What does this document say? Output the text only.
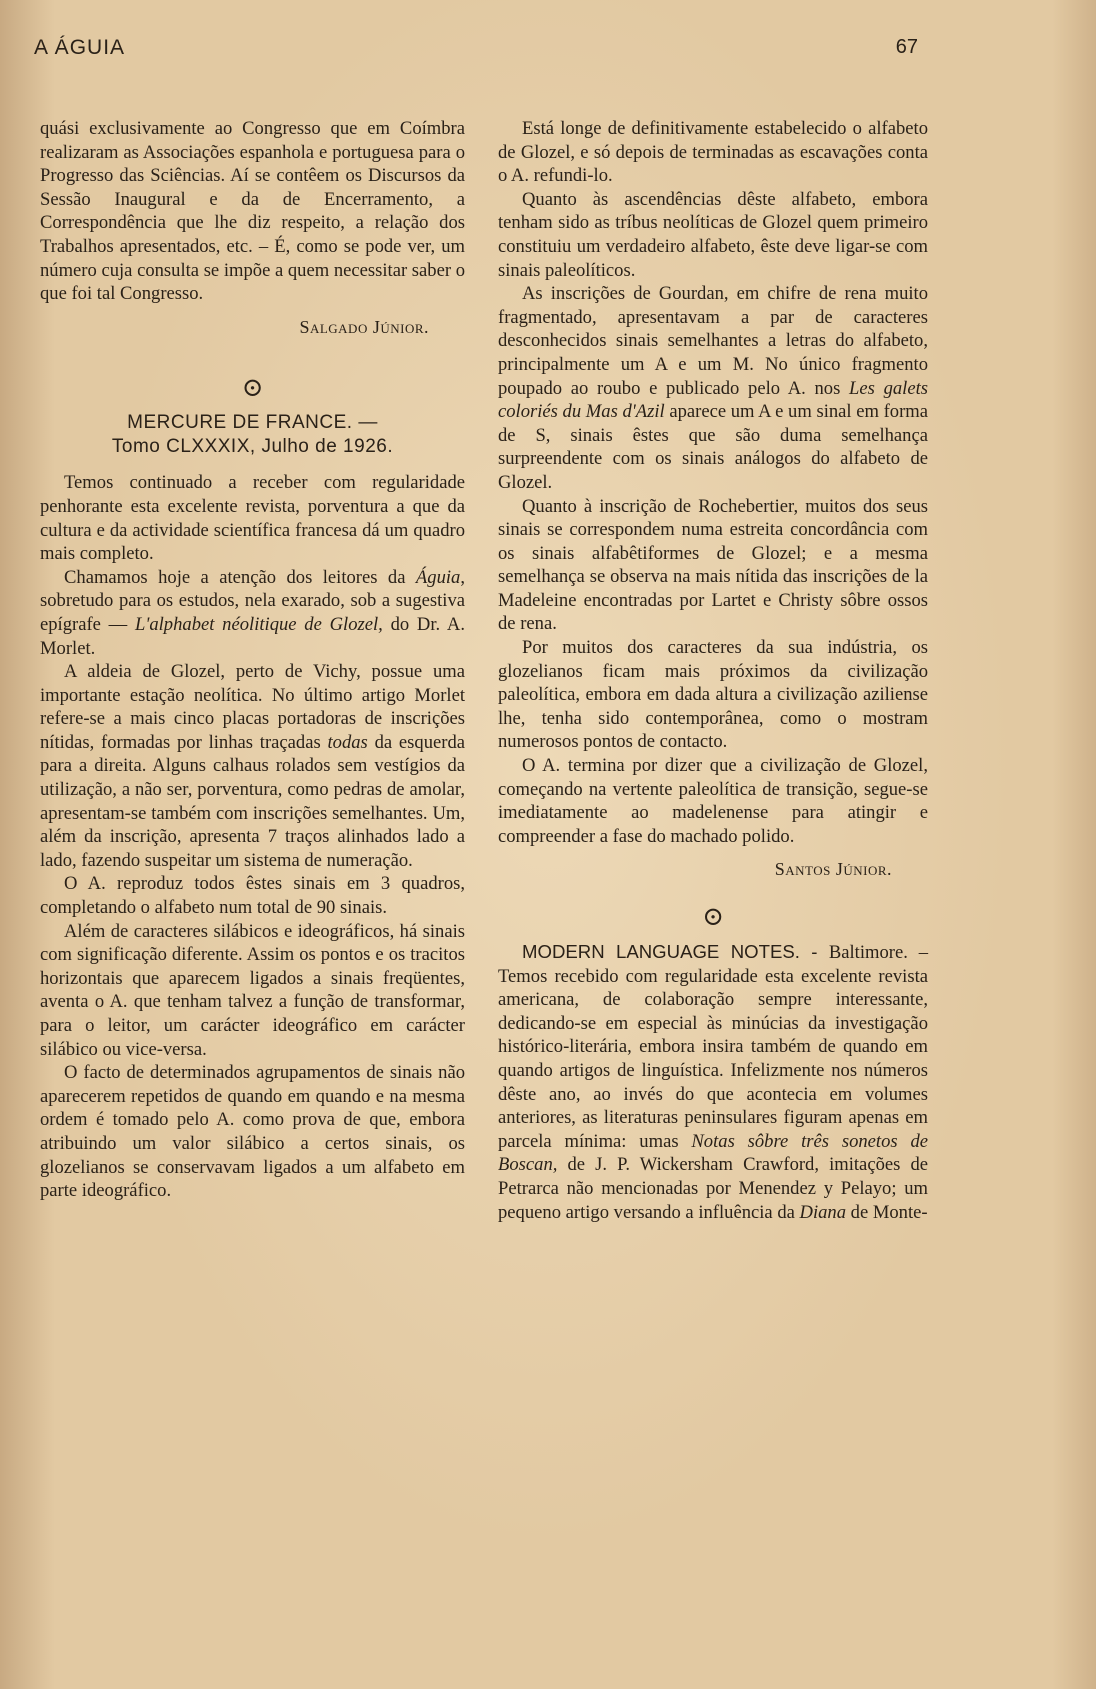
A ÁGUIA	67

quási exclusivamente ao Congresso que em Coímbra realizaram as Associações espanhola e portuguesa para o Progresso das Sciências. Aí se contêem os Discursos da Sessão Inaugural e da de Encerramento, a Correspondência que lhe diz respeito, a relação dos Trabalhos apresentados, etc. – É, como se pode ver, um número cuja consulta se impõe a quem necessitar saber o que foi tal Congresso.

Salgado Júnior.
⊙
MERCURE DE FRANCE. —
Tomo CLXXXIX, Julho de 1926.

Temos continuado a receber com regularidade penhorante esta excelente revista, porventura a que da cultura e da actividade scientífica francesa dá um quadro mais completo.

Chamamos hoje a atenção dos leitores da Águia, sobretudo para os estudos, nela exarado, sob a sugestiva epígrafe — L'alphabet néolitique de Glozel, do Dr. A. Morlet.

A aldeia de Glozel, perto de Vichy, possue uma importante estação neolítica. No último artigo Morlet refere-se a mais cinco placas portadoras de inscrições nítidas, formadas por linhas traçadas todas da esquerda para a direita. Alguns calhaus rolados sem vestígios da utilização, a não ser, porventura, como pedras de amolar, apresentam-se também com inscrições semelhantes. Um, além da inscrição, apresenta 7 traços alinhados lado a lado, fazendo suspeitar um sistema de numeração.

O A. reproduz todos êstes sinais em 3 quadros, completando o alfabeto num total de 90 sinais.

Além de caracteres silábicos e ideográficos, há sinais com significação diferente. Assim os pontos e os tracitos horizontais que aparecem ligados a sinais freqüentes, aventa o A. que tenham talvez a função de transformar, para o leitor, um carácter ideográfico em carácter silábico ou vice-versa.

O facto de determinados agrupamentos de sinais não aparecerem repetidos de quando em quando e na mesma ordem é tomado pelo A. como prova de que, embora atribuindo um valor silábico a certos sinais, os glozelianos se conservavam ligados a um alfabeto em parte ideográfico.

Está longe de definitivamente estabelecido o alfabeto de Glozel, e só depois de terminadas as escavações conta o A. refundi-lo.

Quanto às ascendências dêste alfabeto, embora tenham sido as tríbus neolíticas de Glozel quem primeiro constituiu um verdadeiro alfabeto, êste deve ligar-se com sinais paleolíticos.

As inscrições de Gourdan, em chifre de rena muito fragmentado, apresentavam a par de caracteres desconhecidos sinais semelhantes a letras do alfabeto, principalmente um A e um M. No único fragmento poupado ao roubo e publicado pelo A. nos Les galets coloriés du Mas d'Azil aparece um A e um sinal em forma de S, sinais êstes que são duma semelhança surpreendente com os sinais análogos do alfabeto de Glozel.

Quanto à inscrição de Rochebertier, muitos dos seus sinais se correspondem numa estreita concordância com os sinais alfabêtiformes de Glozel; e a mesma semelhança se observa na mais nítida das inscrições de la Madeleine encontradas por Lartet e Christy sôbre ossos de rena.

Por muitos dos caracteres da sua indústria, os glozelianos ficam mais próximos da civilização paleolítica, embora em dada altura a civilização aziliense lhe, tenha sido contemporânea, como o mostram numerosos pontos de contacto.

O A. termina por dizer que a civilização de Glozel, começando na vertente paleolítica de transição, segue-se imediatamente ao madelenense para atingir e compreender a fase do machado polido.

Santos Júnior.
⊙

MODERN LANGUAGE NOTES. - Baltimore. – Temos recebido com regularidade esta excelente revista americana, de colaboração sempre interessante, dedicando-se em especial às minúcias da investigação histórico-literária, embora insira também de quando em quando artigos de linguística. Infelizmente nos números dêste ano, ao invés do que acontecia em volumes anteriores, as literaturas peninsulares figuram apenas em parcela mínima: umas Notas sôbre três sonetos de Boscan, de J. P. Wickersham Crawford, imitações de Petrarca não mencionadas por Menendez y Pelayo; um pequeno artigo versando a influência da Diana de Monte-
